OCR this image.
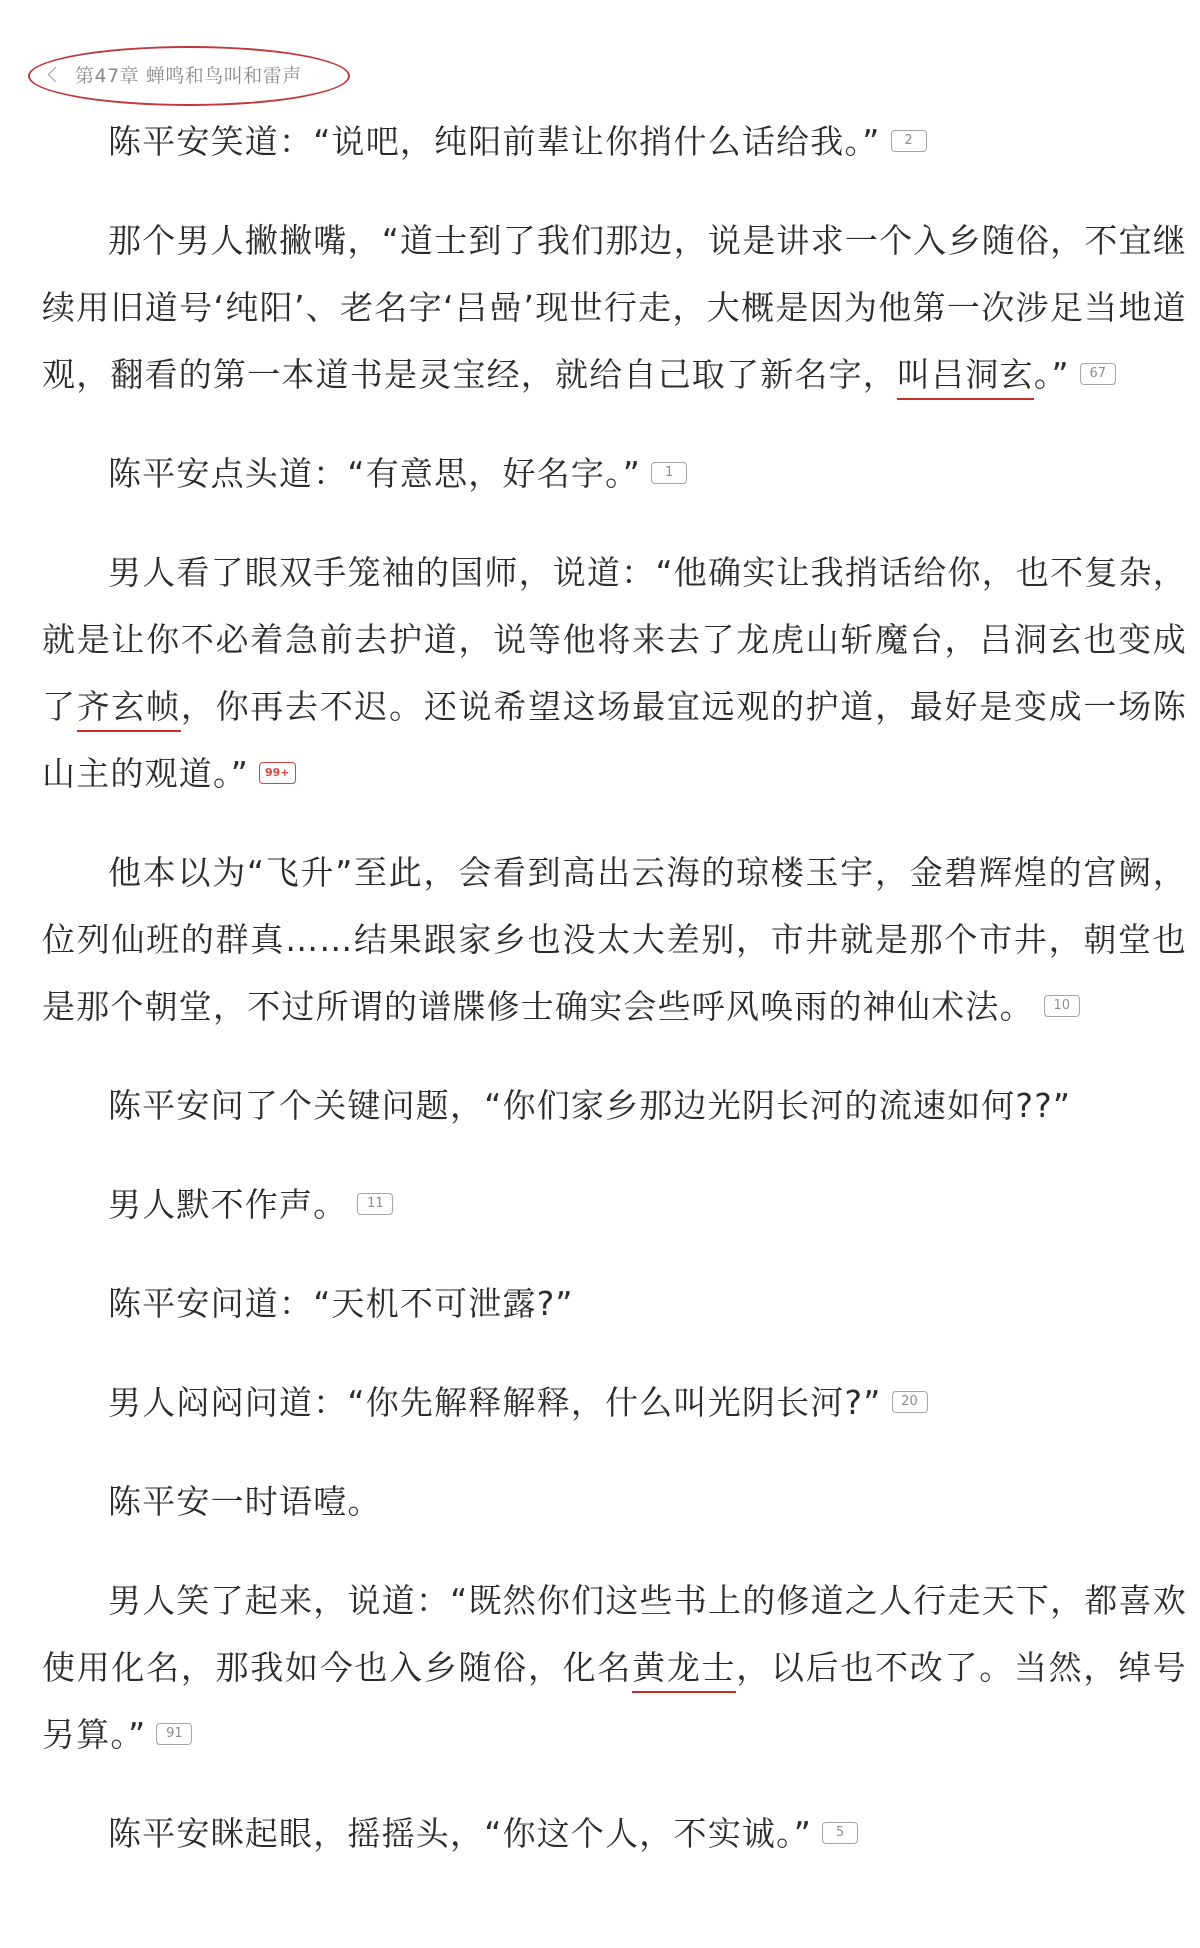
第47章 蝉鸣和鸟叫和雷声

陈平安笑道：“说吧，纯阳前辈让你捎什么话给我。” 2

那个男人撇撇嘴，“道士到了我们那边，说是讲求一个入乡随俗，不宜继续用旧道号‘纯阳’、老名字‘吕喦’现世行走，大概是因为他第一次涉足当地道观，翻看的第一本道书是灵宝经，就给自己取了新名字，叫吕洞玄。” 67

陈平安点头道：“有意思，好名字。” 1

男人看了眼双手笼袖的国师，说道：“他确实让我捎话给你，也不复杂，就是让你不必着急前去护道，说等他将来去了龙虎山斩魔台，吕洞玄也变成了齐玄帧，你再去不迟。还说希望这场最宜远观的护道，最好是变成一场陈山主的观道。” 99+

他本以为“飞升”至此，会看到高出云海的琼楼玉宇，金碧辉煌的宫阙，位列仙班的群真……结果跟家乡也没太大差别，市井就是那个市井，朝堂也是那个朝堂，不过所谓的谱牒修士确实会些呼风唤雨的神仙术法。 10

陈平安问了个关键问题，“你们家乡那边光阴长河的流速如何??”

男人默不作声。 11

陈平安问道：“天机不可泄露?”

男人闷闷问道：“你先解释解释，什么叫光阴长河?” 20

陈平安一时语噎。

男人笑了起来，说道：“既然你们这些书上的修道之人行走天下，都喜欢使用化名，那我如今也入乡随俗，化名黄龙士，以后也不改了。当然，绰号另算。” 91

陈平安眯起眼，摇摇头，“你这个人，不实诚。” 5
